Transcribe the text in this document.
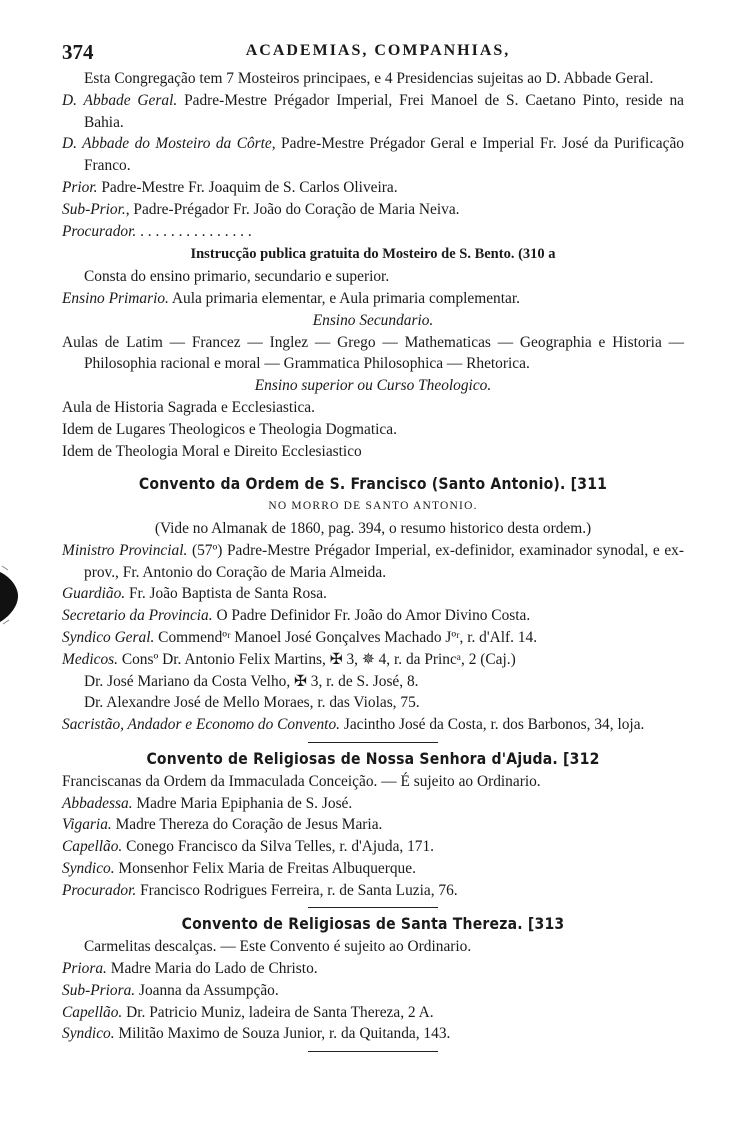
374	ACADEMIAS, COMPANHIAS,

Esta Congregação tem 7 Mosteiros principaes, e 4 Presidencias sujeitas ao D. Abbade Geral.

D. Abbade Geral. Padre-Mestre Prégador Imperial, Frei Manoel de S. Caetano Pinto, reside na Bahia.

D. Abbade do Mosteiro da Côrte, Padre-Mestre Prégador Geral e Imperial Fr. José da Purificação Franco.

Prior. Padre-Mestre Fr. Joaquim de S. Carlos Oliveira.

Sub-Prior., Padre-Prégador Fr. João do Coração de Maria Neiva.

Procurador. . . . . . . . . . . . . . . .

Instrucção publica gratuita do Mosteiro de S. Bento. (310 a

Consta do ensino primario, secundario e superior.

Ensino Primario. Aula primaria elementar, e Aula primaria complementar.

Ensino Secundario.

Aulas de Latim — Francez — Inglez — Grego — Mathematicas — Geographia e Historia — Philosophia racional e moral — Grammatica Philosophica — Rhetorica.

Ensino superior ou Curso Theologico.

Aula de Historia Sagrada e Ecclesiastica.

Idem de Lugares Theologicos e Theologia Dogmatica.

Idem de Theologia Moral e Direito Ecclesiastico

Convento da Ordem de S. Francisco (Santo Antonio). [311

NO MORRO DE SANTO ANTONIO.

(Vide no Almanak de 1860, pag. 394, o resumo historico desta ordem.)

Ministro Provincial. (57º) Padre-Mestre Prégador Imperial, ex-definidor, examinador synodal, e ex-prov., Fr. Antonio do Coração de Maria Almeida.

Guardião. Fr. João Baptista de Santa Rosa.

Secretario da Provincia. O Padre Definidor Fr. João do Amor Divino Costa.

Syndico Geral. Commendºʳ Manoel José Gonçalves Machado Jºʳ, r. d'Alf. 14.

Medicos. Consº Dr. Antonio Felix Martins, ✠ 3, ✵ 4, r. da Princᵃ, 2 (Caj.)

Dr. José Mariano da Costa Velho, ✠ 3, r. de S. José, 8.

Dr. Alexandre José de Mello Moraes, r. das Violas, 75.

Sacristão, Andador e Economo do Convento. Jacintho José da Costa, r. dos Barbonos, 34, loja.

Convento de Religiosas de Nossa Senhora d'Ajuda. [312

Franciscanas da Ordem da Immaculada Conceição. — É sujeito ao Ordinario.

Abbadessa. Madre Maria Epiphania de S. José.

Vigaria. Madre Thereza do Coração de Jesus Maria.

Capellão. Conego Francisco da Silva Telles, r. d'Ajuda, 171.

Syndico. Monsenhor Felix Maria de Freitas Albuquerque.

Procurador. Francisco Rodrigues Ferreira, r. de Santa Luzia, 76.

Convento de Religiosas de Santa Thereza. [313

Carmelitas descalças. — Este Convento é sujeito ao Ordinario.

Priora. Madre Maria do Lado de Christo.

Sub-Priora. Joanna da Assumpção.

Capellão. Dr. Patricio Muniz, ladeira de Santa Thereza, 2 A.

Syndico. Militão Maximo de Souza Junior, r. da Quitanda, 143.
